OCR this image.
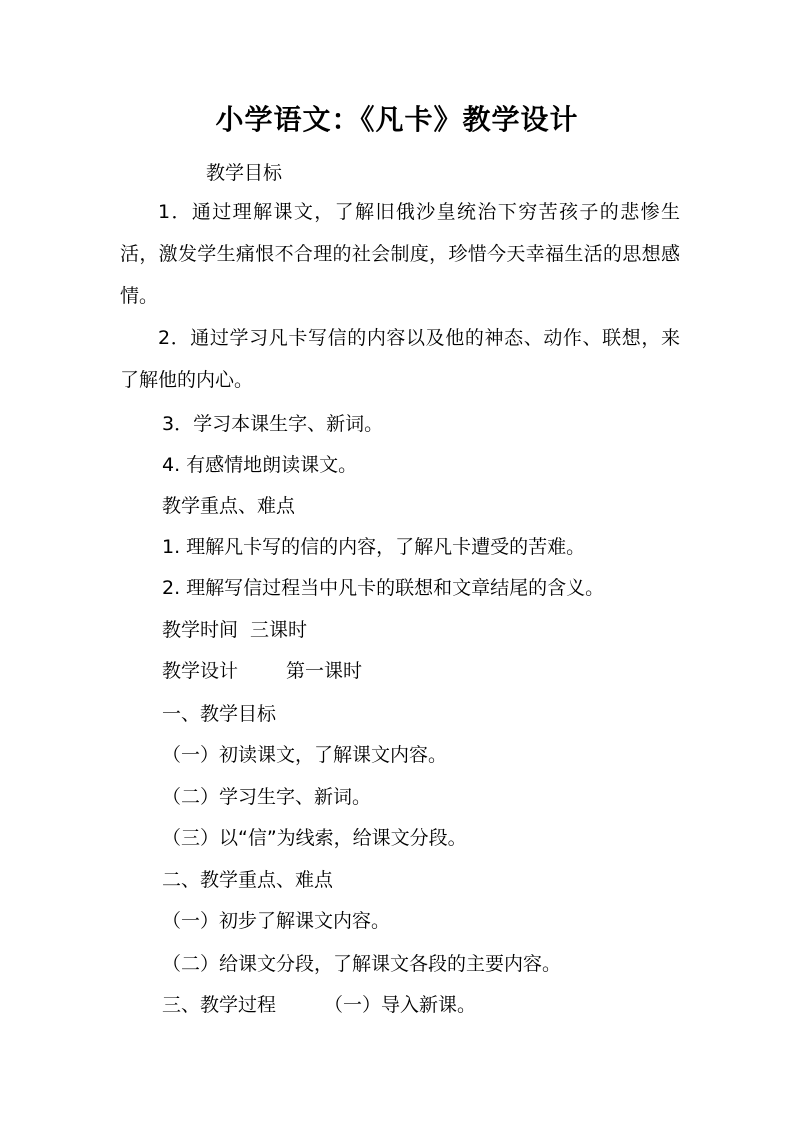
小学语文：《凡卡》教学设计
教学目标
1．通过理解课文，了解旧俄沙皇统治下穷苦孩子的悲惨生活，激发学生痛恨不合理的社会制度，珍惜今天幸福生活的思想感情。
2．通过学习凡卡写信的内容以及他的神态、动作、联想，来了解他的内心。
3．学习本课生字、新词。
4. 有感情地朗读课文。
教学重点、难点
1. 理解凡卡写的信的内容，了解凡卡遭受的苦难。
2. 理解写信过程当中凡卡的联想和文章结尾的含义。
教学时间 三课时
教学设计	第一课时
一、教学目标
（一）初读课文，了解课文内容。
（二）学习生字、新词。
（三）以“信”为线索，给课文分段。
二、教学重点、难点
（一）初步了解课文内容。
（二）给课文分段，了解课文各段的主要内容。
三、教学过程	（一）导入新课。
